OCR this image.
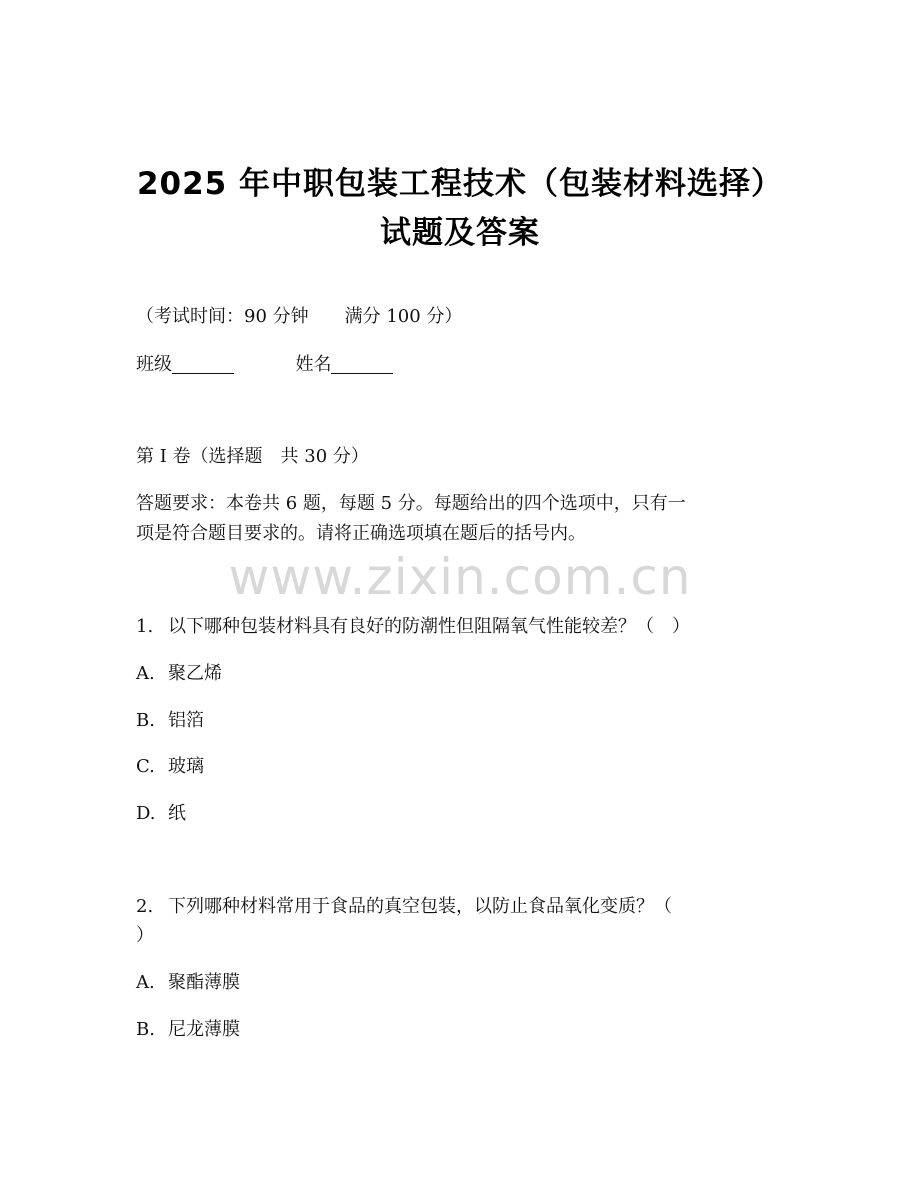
2025 年中职包装工程技术（包装材料选择）
试题及答案
（考试时间：90 分钟　　满分 100 分）
班级	姓名
第 I 卷（选择题　共 30 分）
答题要求：本卷共 6 题，每题 5 分。每题给出的四个选项中，只有一
项是符合题目要求的。请将正确选项填在题后的括号内。
www.zixin.com.cn
1. 以下哪种包装材料具有良好的防潮性但阻隔氧气性能较差？（　）
A. 聚乙烯
B. 铝箔
C. 玻璃
D. 纸
2. 下列哪种材料常用于食品的真空包装，以防止食品氧化变质？（
）
A. 聚酯薄膜
B. 尼龙薄膜
